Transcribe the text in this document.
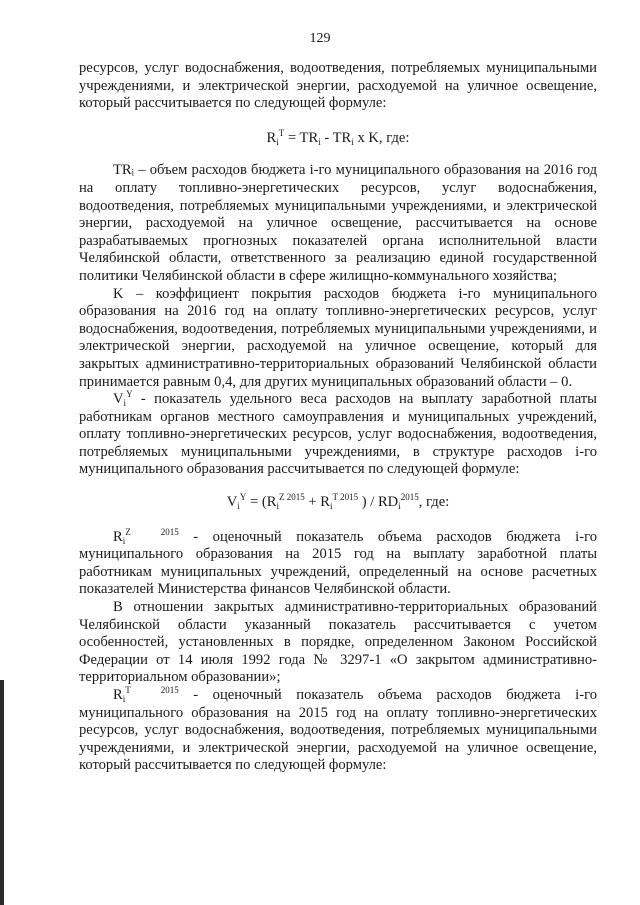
129

ресурсов, услуг водоснабжения, водоотведения, потребляемых муниципальными учреждениями, и электрической энергии, расходуемой на уличное освещение, который рассчитывается по следующей формуле:

$R_i^T = TR_i - TR_i$ x K, где:

TRᵢ – объем расходов бюджета i-го муниципального образования на 2016 год на оплату топливно-энергетических ресурсов, услуг водоснабжения, водоотведения, потребляемых муниципальными учреждениями, и электрической энергии, расходуемой на уличное освещение, рассчитывается на основе разрабатываемых прогнозных показателей органа исполнительной власти Челябинской области, ответственного за реализацию единой государственной политики Челябинской области в сфере жилищно-коммунального хозяйства;

K – коэффициент покрытия расходов бюджета i-го муниципального образования на 2016 год на оплату топливно-энергетических ресурсов, услуг водоснабжения, водоотведения, потребляемых муниципальными учреждениями, и электрической энергии, расходуемой на уличное освещение, который для закрытых административно-территориальных образований Челябинской области принимается равным 0,4, для других муниципальных образований области – 0.

$V_i^Y$ - показатель удельного веса расходов на выплату заработной платы работникам органов местного самоуправления и муниципальных учреждений, оплату топливно-энергетических ресурсов, услуг водоснабжения, водоотведения, потребляемых муниципальными учреждениями, в структуре расходов i-го муниципального образования рассчитывается по следующей формуле:

$V_i^Y = (R_i^{Z 2015} + R_i^{T 2015}$ ) / $RD_i^{2015}$, где:

$R_i^Z$	$^{2015}$ - оценочный показатель объема расходов бюджета i-го муниципального образования на 2015 год на выплату заработной платы работникам муниципальных учреждений, определенный на основе расчетных показателей Министерства финансов Челябинской области.

В отношении закрытых административно-территориальных образований Челябинской области указанный показатель рассчитывается с учетом особенностей, установленных в порядке, определенном Законом Российской Федерации от 14 июля 1992 года № 3297-1 «О закрытом административно-территориальном образовании»;

$R_i^T$	$^{2015}$ - оценочный показатель объема расходов бюджета i-го муниципального образования на 2015 год на оплату топливно-энергетических ресурсов, услуг водоснабжения, водоотведения, потребляемых муниципальными учреждениями, и электрической энергии, расходуемой на уличное освещение, который рассчитывается по следующей формуле:
